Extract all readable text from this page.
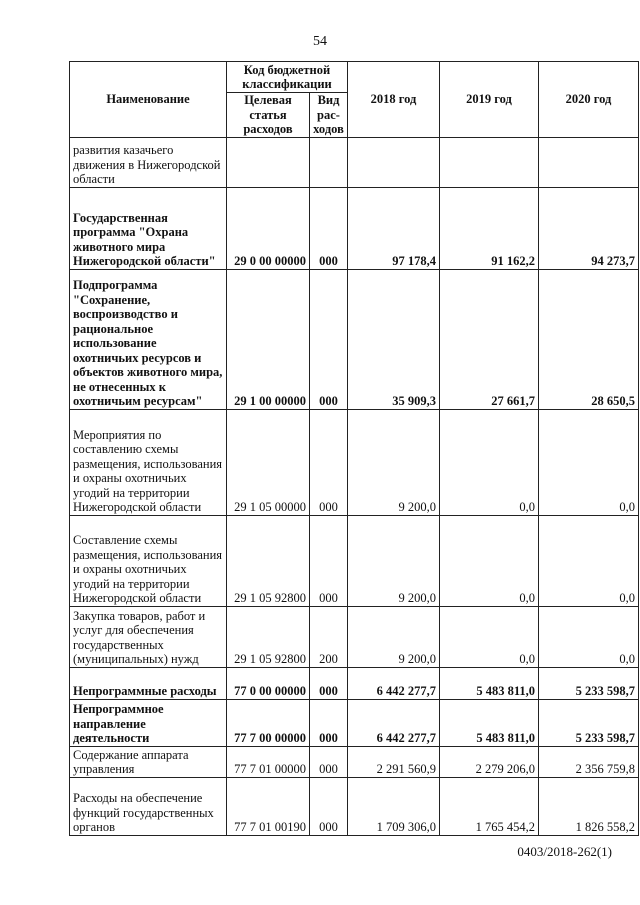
54
Наименование	Код бюджетной классификации		2018 год	2019 год	2020 год
	Целевая статья расходов	Вид рас-ходов			
развития казачьего движения в Нижегородской области					
Государственная программа "Охрана животного мира Нижегородской области"	29 0 00 00000	000	97 178,4	91 162,2	94 273,7
Подпрограмма "Сохранение, воспроизводство и рациональное использование охотничьих ресурсов и объектов животного мира, не отнесенных к охотничьим ресурсам"	29 1 00 00000	000	35 909,3	27 661,7	28 650,5
Мероприятия по составлению схемы размещения, использования и охраны охотничьих угодий на территории Нижегородской области	29 1 05 00000	000	9 200,0	0,0	0,0
Составление схемы размещения, использования и охраны охотничьих угодий на территории Нижегородской области	29 1 05 92800	000	9 200,0	0,0	0,0
Закупка товаров, работ и услуг для обеспечения государственных (муниципальных) нужд	29 1 05 92800	200	9 200,0	0,0	0,0
Непрограммные расходы	77 0 00 00000	000	6 442 277,7	5 483 811,0	5 233 598,7
Непрограммное направление деятельности	77 7 00 00000	000	6 442 277,7	5 483 811,0	5 233 598,7
Содержание аппарата управления	77 7 01 00000	000	2 291 560,9	2 279 206,0	2 356 759,8
Расходы на обеспечение функций государственных органов	77 7 01 00190	000	1 709 306,0	1 765 454,2	1 826 558,2
0403/2018-262(1)
